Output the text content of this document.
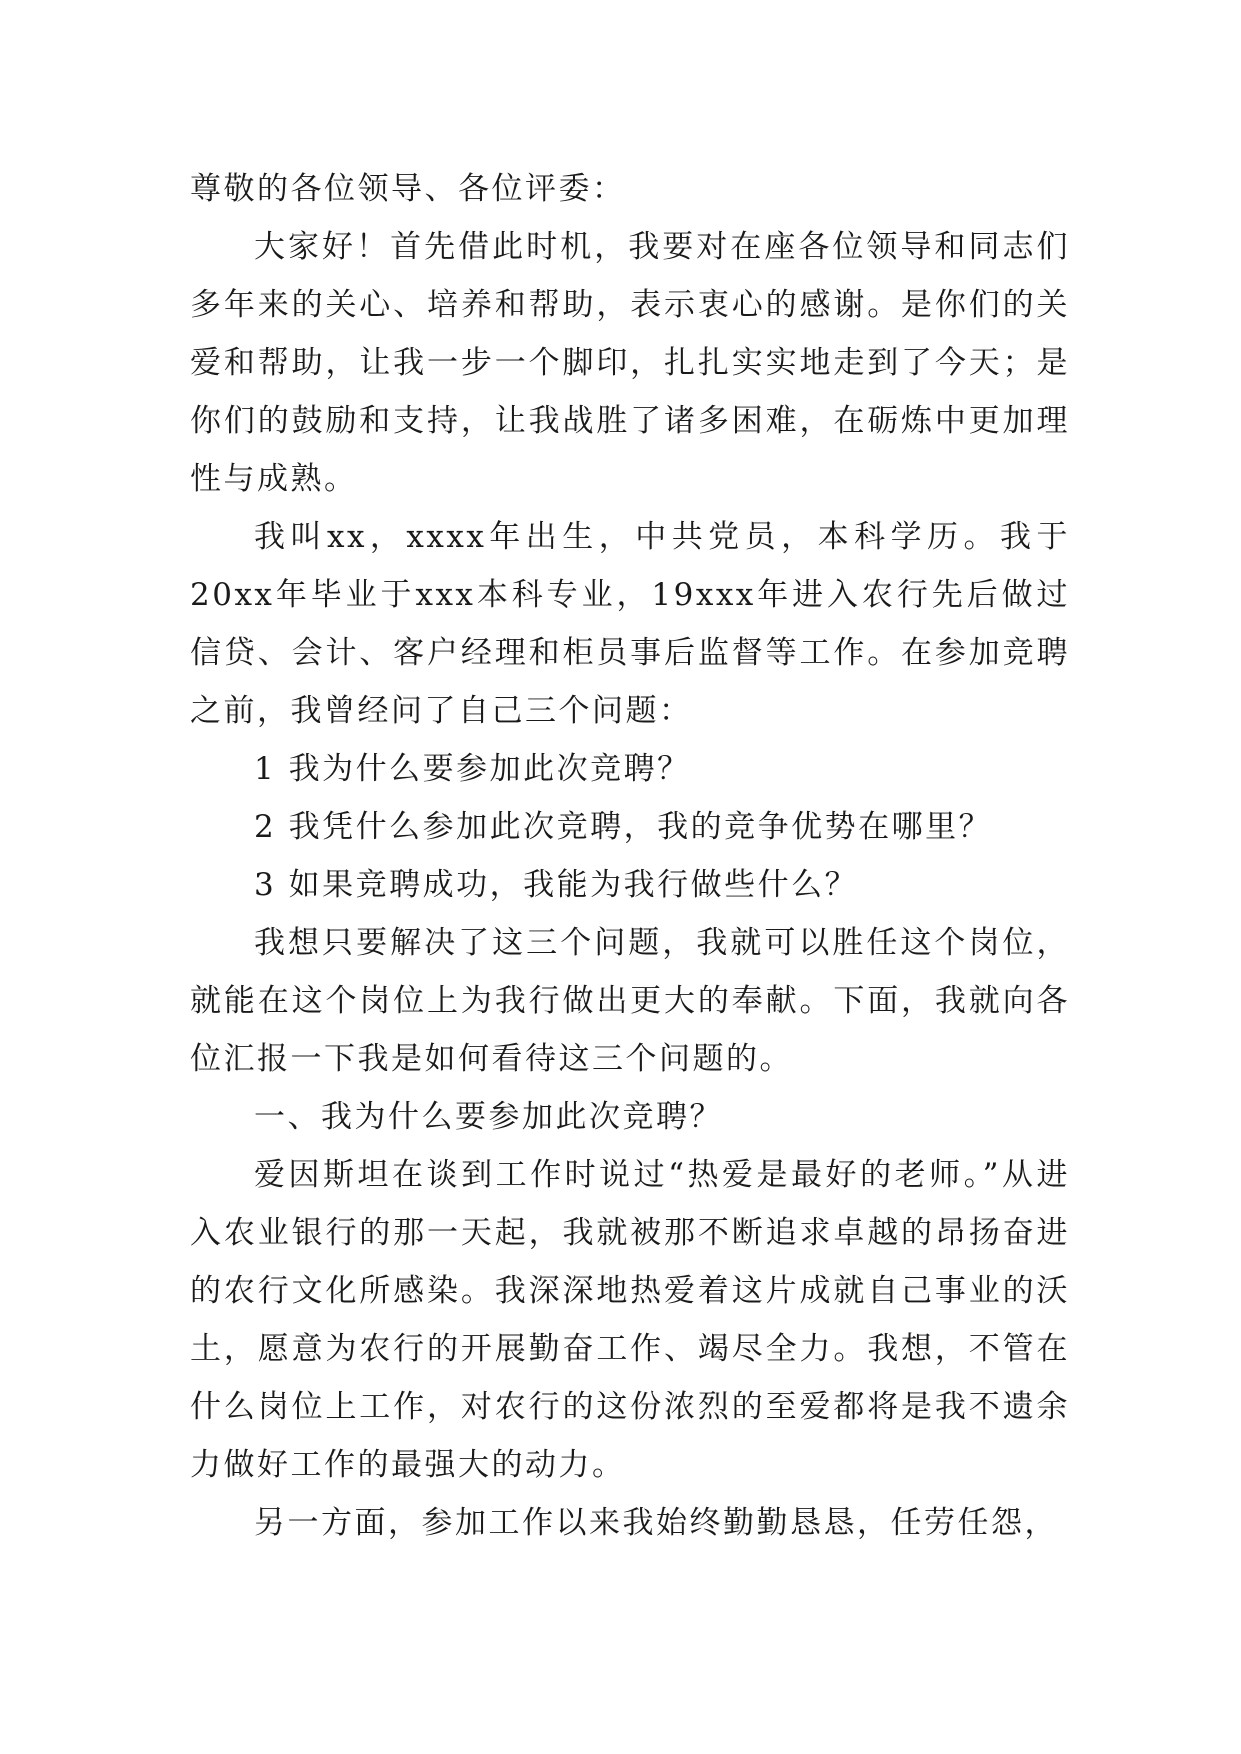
尊敬的各位领导、各位评委：

大家好！首先借此时机，我要对在座各位领导和同志们多年来的关心、培养和帮助，表示衷心的感谢。是你们的关爱和帮助，让我一步一个脚印，扎扎实实地走到了今天；是你们的鼓励和支持，让我战胜了诸多困难，在砺炼中更加理性与成熟。

我叫xx，xxxx年出生，中共党员，本科学历。我于20xx年毕业于xxx本科专业，19xxx年进入农行先后做过信贷、会计、客户经理和柜员事后监督等工作。在参加竞聘之前，我曾经问了自己三个问题：

1 我为什么要参加此次竞聘？

2 我凭什么参加此次竞聘，我的竞争优势在哪里？

3 如果竞聘成功，我能为我行做些什么？

我想只要解决了这三个问题，我就可以胜任这个岗位，就能在这个岗位上为我行做出更大的奉献。下面，我就向各位汇报一下我是如何看待这三个问题的。

一、我为什么要参加此次竞聘？

爱因斯坦在谈到工作时说过“热爱是最好的老师。”从进入农业银行的那一天起，我就被那不断追求卓越的昂扬奋进的农行文化所感染。我深深地热爱着这片成就自己事业的沃土，愿意为农行的开展勤奋工作、竭尽全力。我想，不管在什么岗位上工作，对农行的这份浓烈的至爱都将是我不遗余力做好工作的最强大的动力。

另一方面，参加工作以来我始终勤勤恳恳，任劳任怨，
